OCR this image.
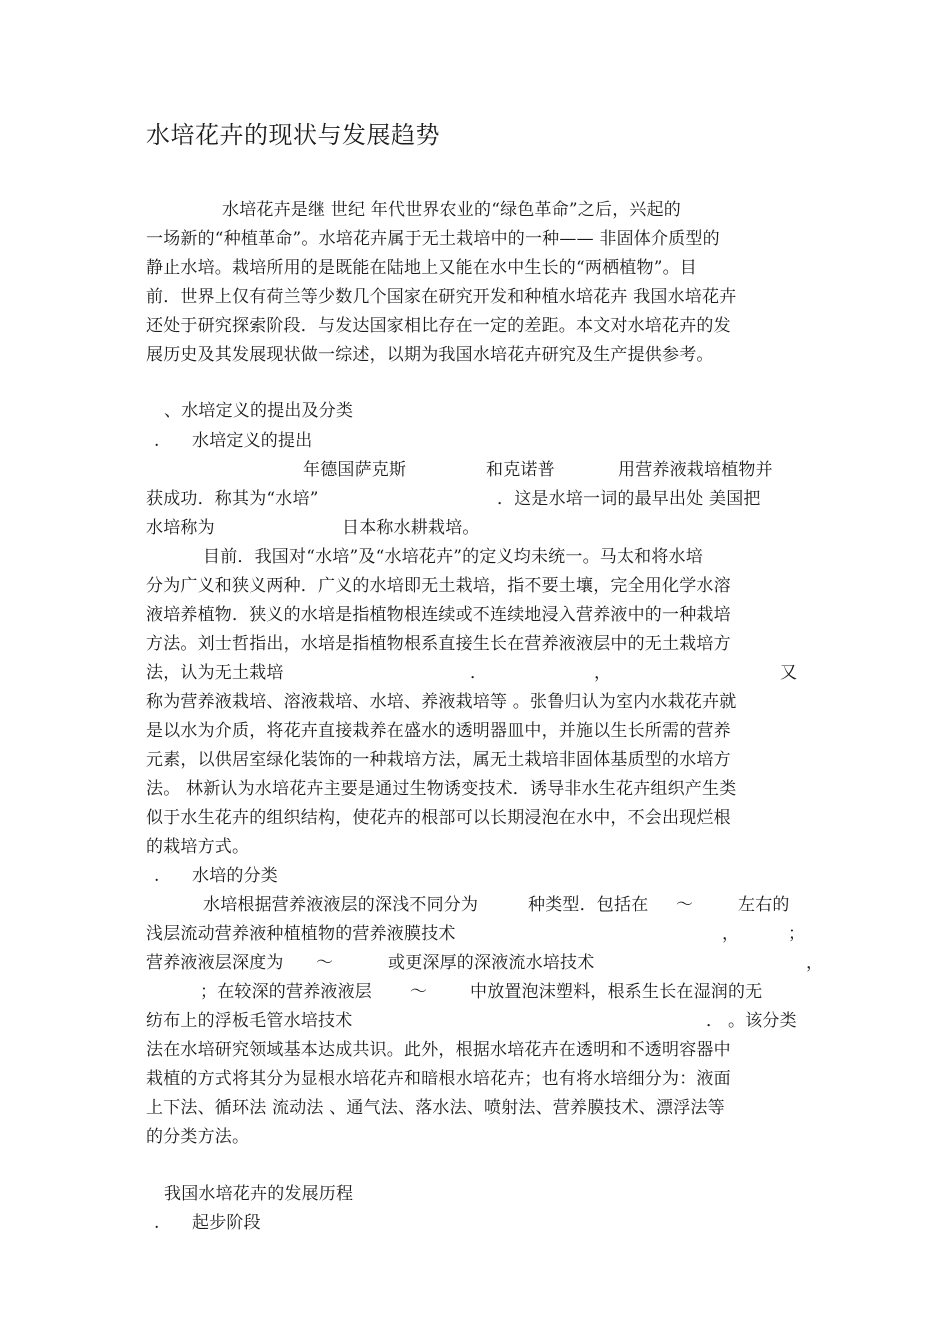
水培花卉的现状与发展趋势
水培花卉是继 世纪 年代世界农业的“绿色革命”之后，兴起的
一场新的“种植革命”。水培花卉属于无土栽培中的一种—— 非固体介质型的
静止水培。栽培所用的是既能在陆地上又能在水中生长的“两栖植物”。目
前．世界上仅有荷兰等少数几个国家在研究开发和种植水培花卉 我国水培花卉
还处于研究探索阶段．与发达国家相比存在一定的差距。本文对水培花卉的发
展历史及其发展现状做一综述，以期为我国水培花卉研究及生产提供参考。
、水培定义的提出及分类
. 水培定义的提出
年德国萨克斯	和克诺普	用营养液栽培植物并
获成功．称其为“水培”	．这是水培一词的最早出处 美国把
水培称为	日本称水耕栽培。
目前．我国对“水培”及“水培花卉”的定义均未统一。马太和将水培
分为广义和狭义两种．广义的水培即无土栽培，指不要土壤，完全用化学水溶
液培养植物．狭义的水培是指植物根连续或不连续地浸入营养液中的一种栽培
方法。刘士哲指出，水培是指植物根系直接生长在营养液液层中的无土栽培方
法，认为无土栽培	．	，	又
称为营养液栽培、溶液栽培、水培、养液栽培等 。张鲁归认为室内水栽花卉就
是以水为介质，将花卉直接栽养在盛水的透明器皿中，并施以生长所需的营养
元素，以供居室绿化装饰的一种栽培方法，属无土栽培非固体基质型的水培方
法。 林新认为水培花卉主要是通过生物诱变技术．诱导非水生花卉组织产生类
似于水生花卉的组织结构，使花卉的根部可以长期浸泡在水中，不会出现烂根
的栽培方式。
. 水培的分类
水培根据营养液液层的深浅不同分为	种类型．包括在 ～	左右的
浅层流动营养液种植植物的营养液膜技术	，	；
营养液液层深度为 ～	或更深厚的深液流水培技术	，
；在较深的营养液液层 ～	中放置泡沫塑料，根系生长在湿润的无
纺布上的浮板毛管水培技术	． 。该分类
法在水培研究领域基本达成共识。此外，根据水培花卉在透明和不透明容器中
栽植的方式将其分为显根水培花卉和暗根水培花卉；也有将水培细分为：液面
上下法、循环法 流动法 、通气法、落水法、喷射法、营养膜技术、漂浮法等
的分类方法。
我国水培花卉的发展历程
. 起步阶段
